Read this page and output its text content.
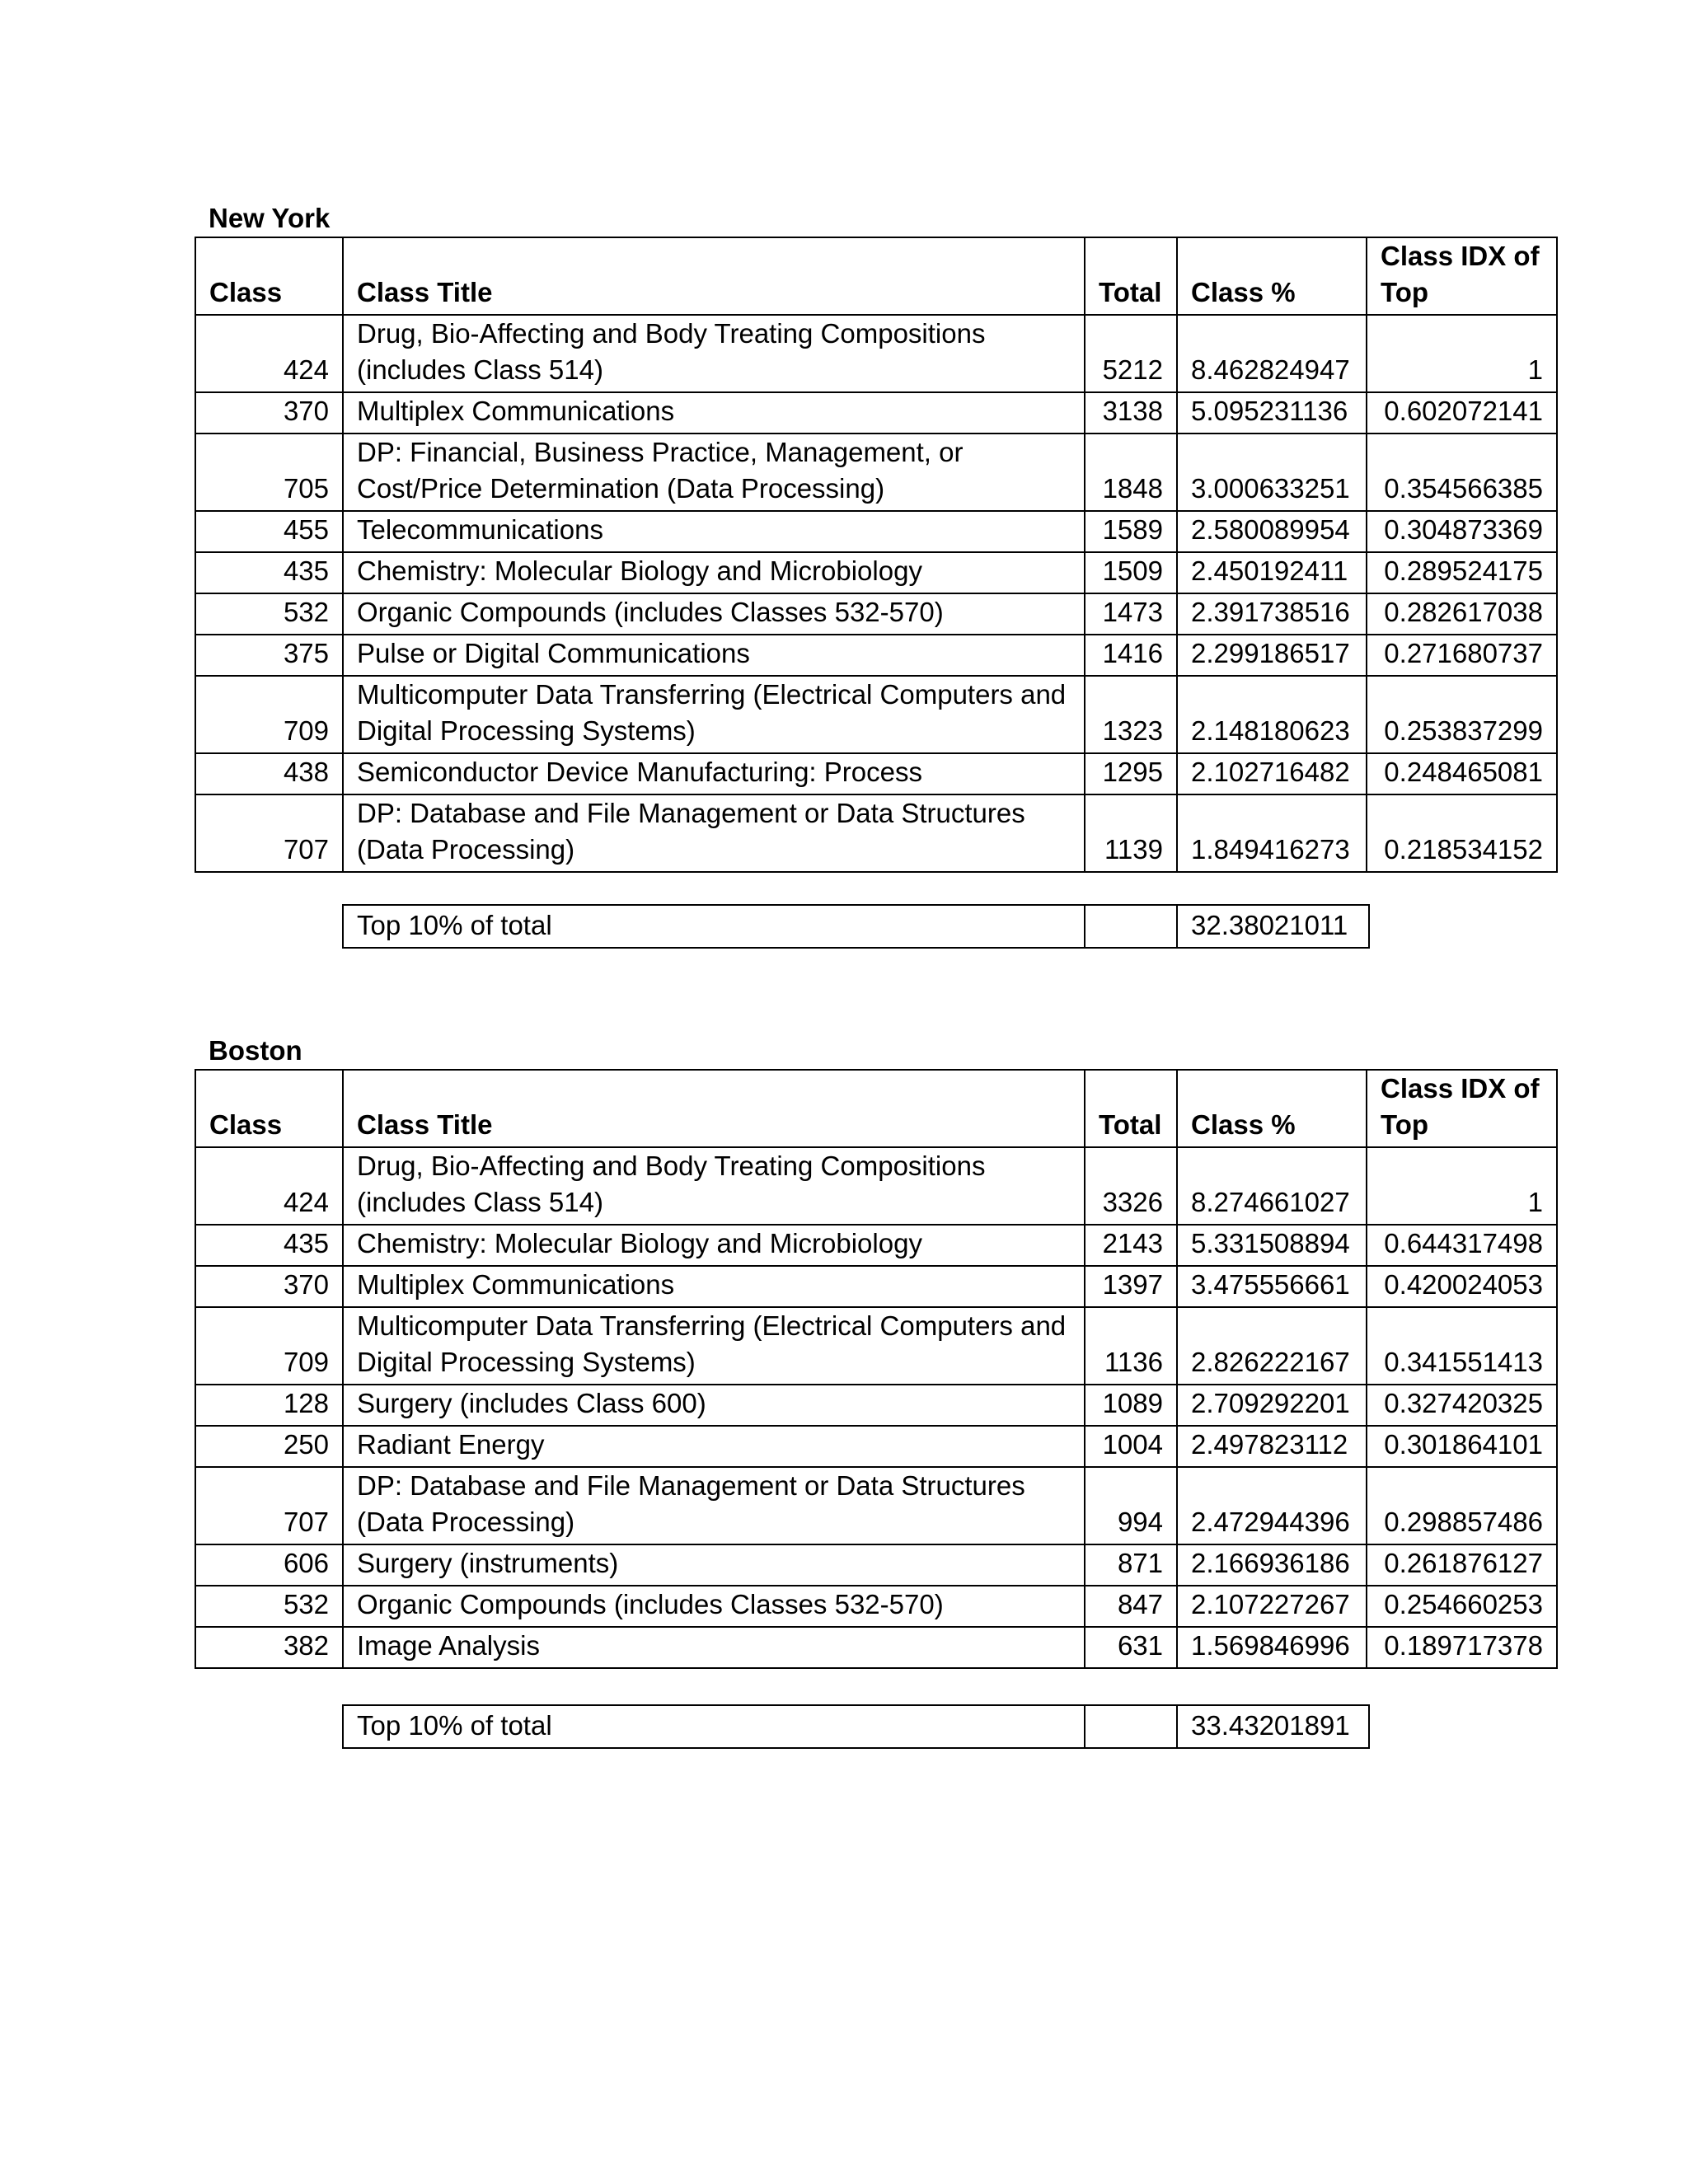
New York
Class	Class Title	Total	Class %	Class IDX of Top
424	Drug, Bio-Affecting and Body Treating Compositions (includes Class 514)	5212	8.462824947	1
370	Multiplex Communications	3138	5.095231136	0.602072141
705	DP: Financial, Business Practice, Management, or Cost/Price Determination (Data Processing)	1848	3.000633251	0.354566385
455	Telecommunications	1589	2.580089954	0.304873369
435	Chemistry: Molecular Biology and Microbiology	1509	2.450192411	0.289524175
532	Organic Compounds (includes Classes 532-570)	1473	2.391738516	0.282617038
375	Pulse or Digital Communications	1416	2.299186517	0.271680737
709	Multicomputer Data Transferring (Electrical Computers and Digital Processing Systems)	1323	2.148180623	0.253837299
438	Semiconductor Device Manufacturing: Process	1295	2.102716482	0.248465081
707	DP: Database and File Management or Data Structures (Data Processing)	1139	1.849416273	0.218534152
Top 10% of total		32.38021011
Boston
Class	Class Title	Total	Class %	Class IDX of Top
424	Drug, Bio-Affecting and Body Treating Compositions (includes Class 514)	3326	8.274661027	1
435	Chemistry: Molecular Biology and Microbiology	2143	5.331508894	0.644317498
370	Multiplex Communications	1397	3.475556661	0.420024053
709	Multicomputer Data Transferring (Electrical Computers and Digital Processing Systems)	1136	2.826222167	0.341551413
128	Surgery (includes Class 600)	1089	2.709292201	0.327420325
250	Radiant Energy	1004	2.497823112	0.301864101
707	DP: Database and File Management or Data Structures (Data Processing)	994	2.472944396	0.298857486
606	Surgery (instruments)	871	2.166936186	0.261876127
532	Organic Compounds (includes Classes 532-570)	847	2.107227267	0.254660253
382	Image Analysis	631	1.569846996	0.189717378
Top 10% of total		33.43201891
